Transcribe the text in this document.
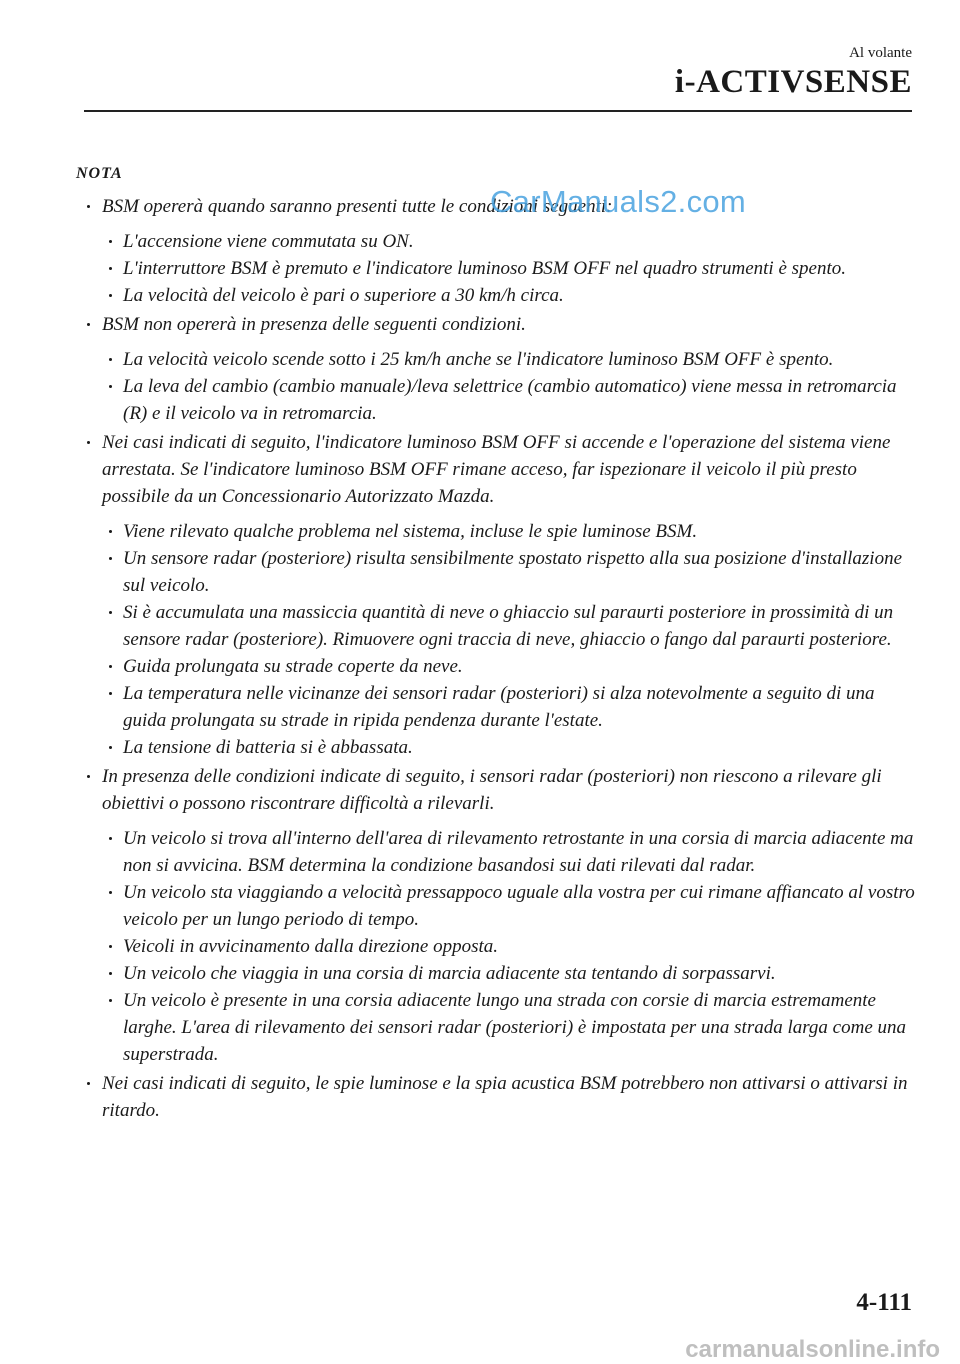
Al volante
i-ACTIVSENSE
NOTA
BSM opererà quando saranno presenti tutte le condizioni seguenti:
L'accensione viene commutata su ON.
L'interruttore BSM è premuto e l'indicatore luminoso BSM OFF nel quadro strumenti è spento.
La velocità del veicolo è pari o superiore a 30 km/h circa.
BSM non opererà in presenza delle seguenti condizioni.
La velocità veicolo scende sotto i 25 km/h anche se l'indicatore luminoso BSM OFF è spento.
La leva del cambio (cambio manuale)/leva selettrice (cambio automatico) viene messa in retromarcia (R) e il veicolo va in retromarcia.
Nei casi indicati di seguito, l'indicatore luminoso BSM OFF si accende e l'operazione del sistema viene arrestata. Se l'indicatore luminoso BSM OFF rimane acceso, far ispezionare il veicolo il più presto possibile da un Concessionario Autorizzato Mazda.
Viene rilevato qualche problema nel sistema, incluse le spie luminose BSM.
Un sensore radar (posteriore) risulta sensibilmente spostato rispetto alla sua posizione d'installazione sul veicolo.
Si è accumulata una massiccia quantità di neve o ghiaccio sul paraurti posteriore in prossimità di un sensore radar (posteriore). Rimuovere ogni traccia di neve, ghiaccio o fango dal paraurti posteriore.
Guida prolungata su strade coperte da neve.
La temperatura nelle vicinanze dei sensori radar (posteriori) si alza notevolmente a seguito di una guida prolungata su strade in ripida pendenza durante l'estate.
La tensione di batteria si è abbassata.
In presenza delle condizioni indicate di seguito, i sensori radar (posteriori) non riescono a rilevare gli obiettivi o possono riscontrare difficoltà a rilevarli.
Un veicolo si trova all'interno dell'area di rilevamento retrostante in una corsia di marcia adiacente ma non si avvicina. BSM determina la condizione basandosi sui dati rilevati dal radar.
Un veicolo sta viaggiando a velocità pressappoco uguale alla vostra per cui rimane affiancato al vostro veicolo per un lungo periodo di tempo.
Veicoli in avvicinamento dalla direzione opposta.
Un veicolo che viaggia in una corsia di marcia adiacente sta tentando di sorpassarvi.
Un veicolo è presente in una corsia adiacente lungo una strada con corsie di marcia estremamente larghe. L'area di rilevamento dei sensori radar (posteriori) è impostata per una strada larga come una superstrada.
Nei casi indicati di seguito, le spie luminose e la spia acustica BSM potrebbero non attivarsi o attivarsi in ritardo.
CarManuals2.com
4-111
carmanualsonline.info
